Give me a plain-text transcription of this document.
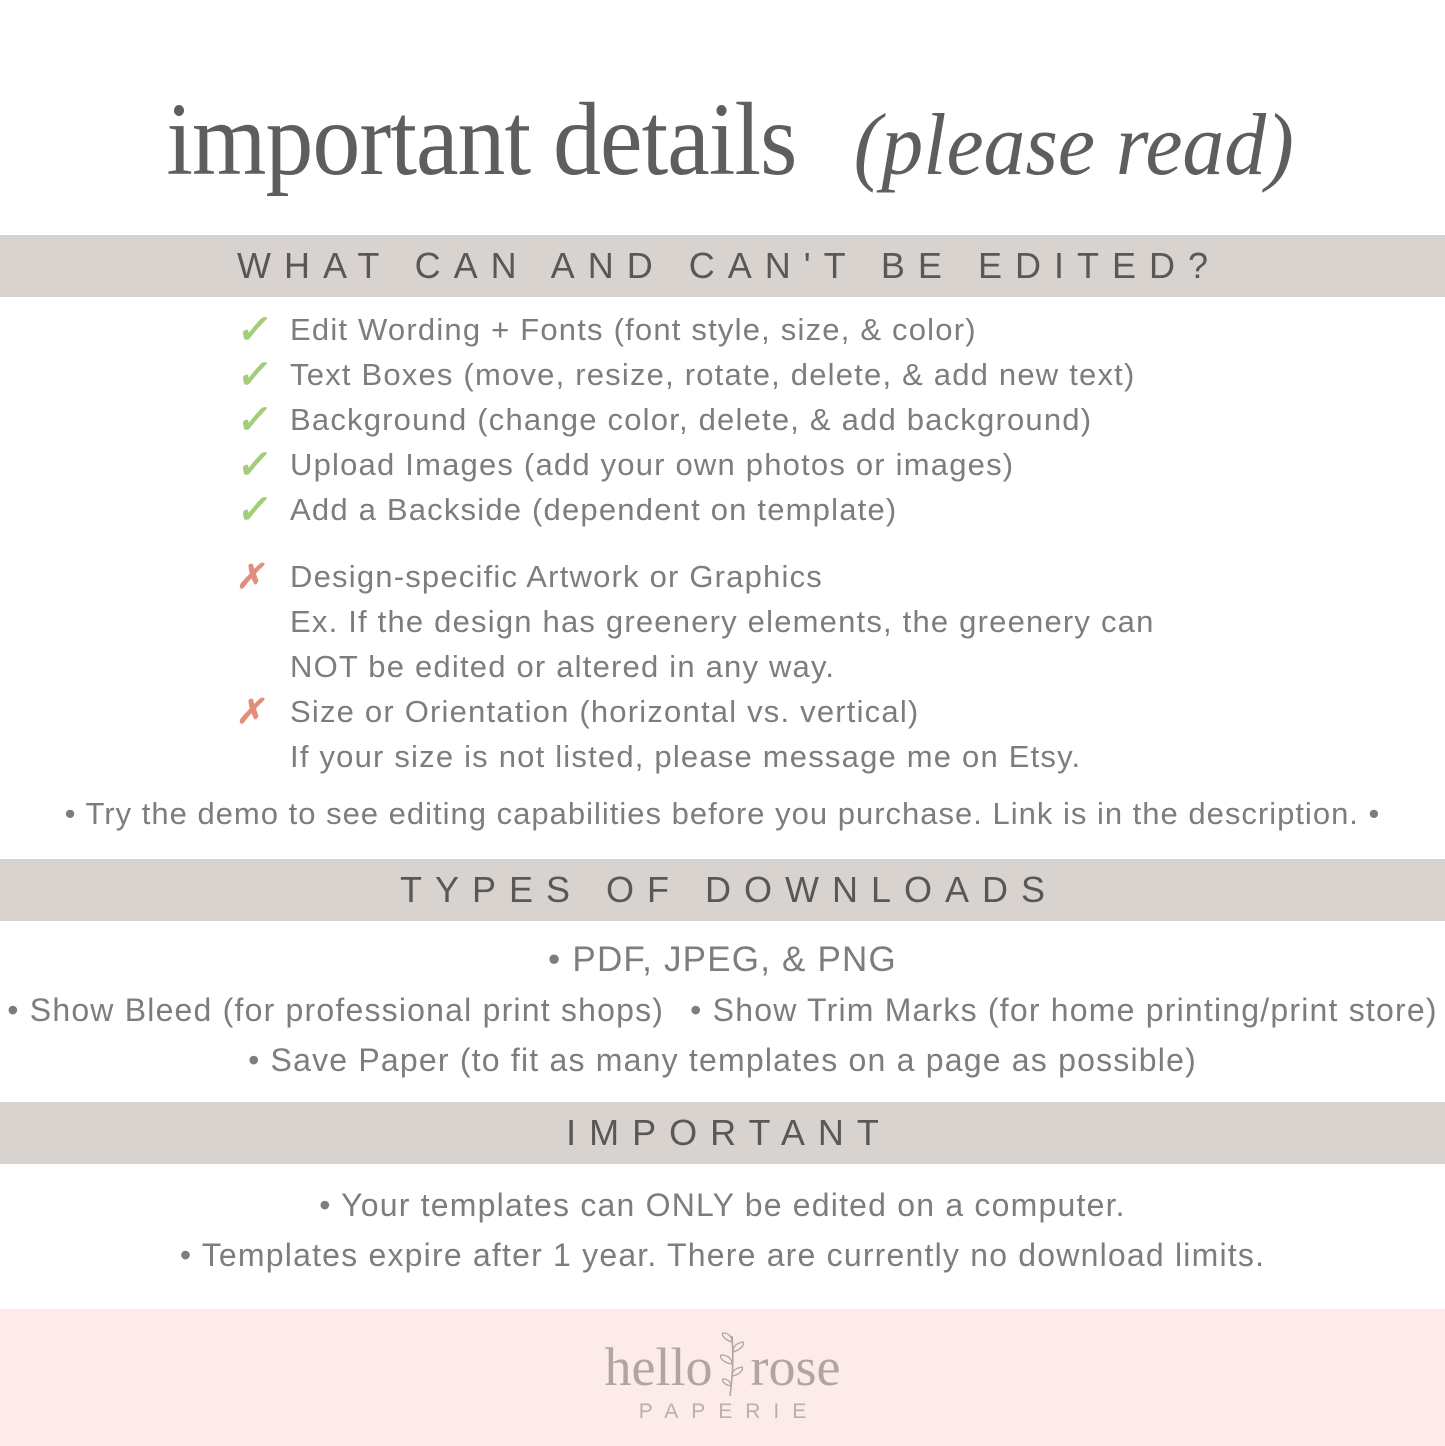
important details (please read)
WHAT CAN AND CAN'T BE EDITED?
✓ Edit Wording + Fonts (font style, size, & color)
✓ Text Boxes (move, resize, rotate, delete, & add new text)
✓ Background (change color, delete, & add background)
✓ Upload Images (add your own photos or images)
✓ Add a Backside (dependent on template)
✗ Design-specific Artwork or Graphics
Ex. If the design has greenery elements, the greenery can
NOT be edited or altered in any way.
✗ Size or Orientation (horizontal vs. vertical)
If your size is not listed, please message me on Etsy.
• Try the demo to see editing capabilities before you purchase. Link is in the description. •
TYPES OF DOWNLOADS
• PDF, JPEG, & PNG
• Show Bleed (for professional print shops) • Show Trim Marks (for home printing/print store)
• Save Paper (to fit as many templates on a page as possible)
IMPORTANT
• Your templates can ONLY be edited on a computer.
• Templates expire after 1 year. There are currently no download limits.
hello rose
PAPERIE
